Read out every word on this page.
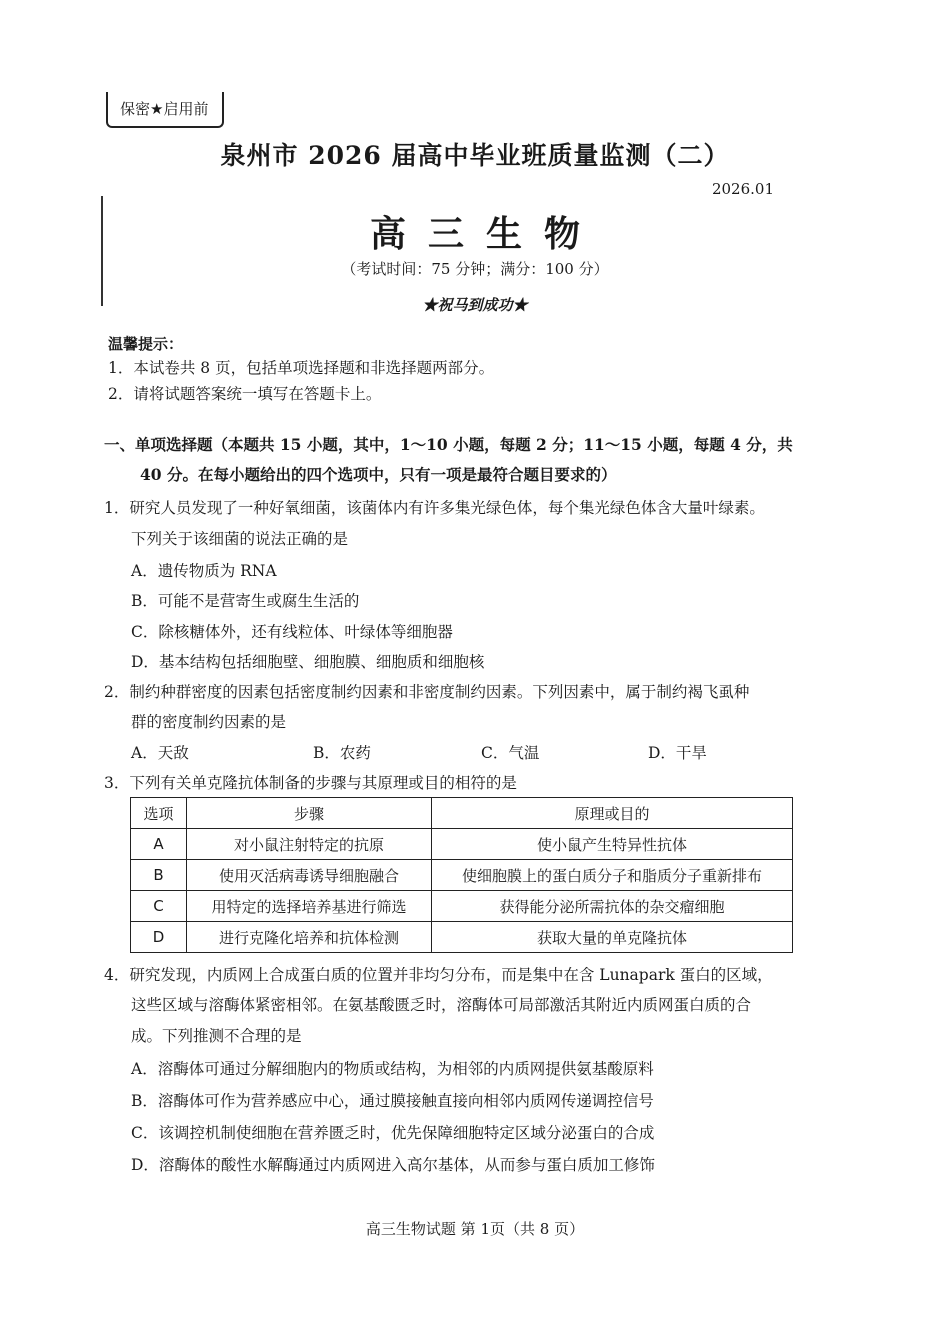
保密★启用前
泉州市 2026 届高中毕业班质量监测（二）
2026.01
高三生物
（考试时间：75 分钟；满分：100 分）
★祝马到成功★
温馨提示：
1．本试卷共 8 页，包括单项选择题和非选择题两部分。
2．请将试题答案统一填写在答题卡上。
一、单项选择题（本题共 15 小题，其中，1～10 小题，每题 2 分；11～15 小题，每题 4 分，共
40 分。在每小题给出的四个选项中，只有一项是最符合题目要求的）
1．研究人员发现了一种好氧细菌，该菌体内有许多集光绿色体，每个集光绿色体含大量叶绿素。
下列关于该细菌的说法正确的是
A．遗传物质为 RNA
B．可能不是营寄生或腐生生活的
C．除核糖体外，还有线粒体、叶绿体等细胞器
D．基本结构包括细胞壁、细胞膜、细胞质和细胞核
2．制约种群密度的因素包括密度制约因素和非密度制约因素。下列因素中，属于制约褐飞虱种
群的密度制约因素的是
A．天敌	B．农药	C．气温	D．干旱
3．下列有关单克隆抗体制备的步骤与其原理或目的相符的是
选项	步骤	原理或目的
A	对小鼠注射特定的抗原	使小鼠产生特异性抗体
B	使用灭活病毒诱导细胞融合	使细胞膜上的蛋白质分子和脂质分子重新排布
C	用特定的选择培养基进行筛选	获得能分泌所需抗体的杂交瘤细胞
D	进行克隆化培养和抗体检测	获取大量的单克隆抗体
4．研究发现，内质网上合成蛋白质的位置并非均匀分布，而是集中在含 Lunapark 蛋白的区域，
这些区域与溶酶体紧密相邻。在氨基酸匮乏时，溶酶体可局部激活其附近内质网蛋白质的合
成。下列推测不合理的是
A．溶酶体可通过分解细胞内的物质或结构，为相邻的内质网提供氨基酸原料
B．溶酶体可作为营养感应中心，通过膜接触直接向相邻内质网传递调控信号
C．该调控机制使细胞在营养匮乏时，优先保障细胞特定区域分泌蛋白的合成
D．溶酶体的酸性水解酶通过内质网进入高尔基体，从而参与蛋白质加工修饰
高三生物试题 第 1页（共 8 页）
